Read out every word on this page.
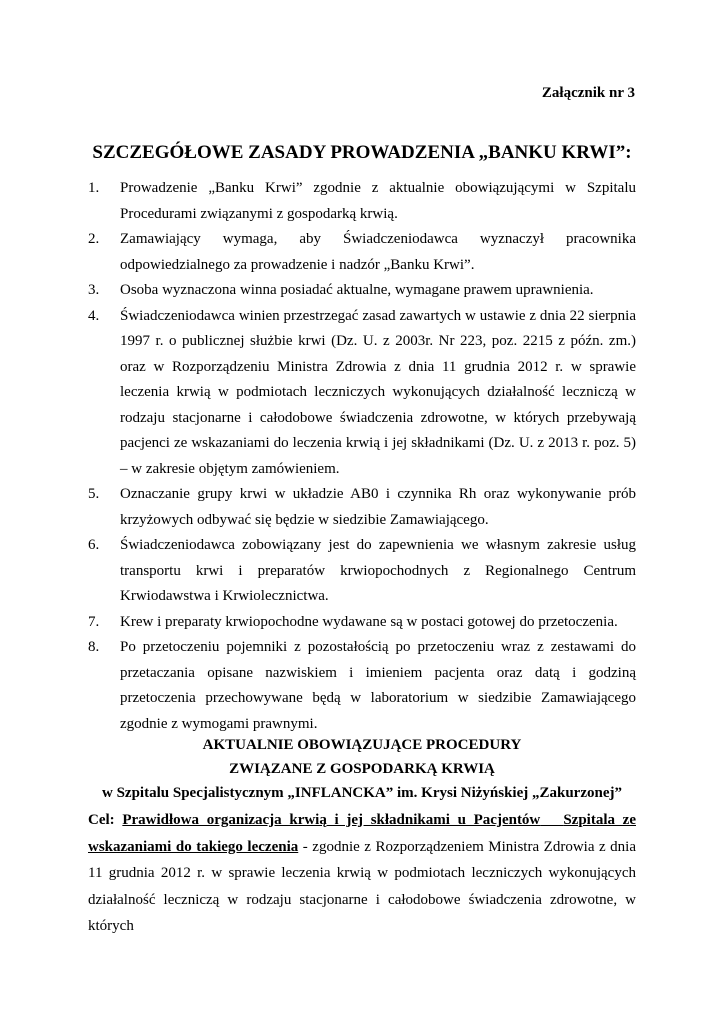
Załącznik nr 3
SZCZEGÓŁOWE ZASADY PROWADZENIA „BANKU KRWI”:
1. Prowadzenie „Banku Krwi” zgodnie z aktualnie obowiązującymi w Szpitalu Procedurami związanymi z gospodarką krwią.
2. Zamawiający wymaga, aby Świadczeniodawca wyznaczył pracownika odpowiedzialnego za prowadzenie i nadzór „Banku Krwi”.
3. Osoba wyznaczona winna posiadać aktualne, wymagane prawem uprawnienia.
4. Świadczeniodawca winien przestrzegać zasad zawartych w ustawie z dnia 22 sierpnia 1997 r. o publicznej służbie krwi (Dz. U. z 2003r. Nr 223, poz. 2215 z późn. zm.) oraz w Rozporządzeniu Ministra Zdrowia z dnia 11 grudnia 2012 r. w sprawie leczenia krwią w podmiotach leczniczych wykonujących działalność leczniczą w rodzaju stacjonarne i całodobowe świadczenia zdrowotne, w których przebywają pacjenci ze wskazaniami do leczenia krwią i jej składnikami (Dz. U. z 2013 r. poz. 5) – w zakresie objętym zamówieniem.
5. Oznaczanie grupy krwi w układzie AB0 i czynnika Rh oraz wykonywanie prób krzyżowych odbywać się będzie w siedzibie Zamawiającego.
6. Świadczeniodawca zobowiązany jest do zapewnienia we własnym zakresie usług transportu krwi i preparatów krwiopochodnych z Regionalnego Centrum Krwiodawstwa i Krwiolecznictwa.
7. Krew i preparaty krwiopochodne wydawane są w postaci gotowej do przetoczenia.
8. Po przetoczeniu pojemniki z pozostałością po przetoczeniu wraz z zestawami do przetaczania opisane nazwiskiem i imieniem pacjenta oraz datą i godziną przetoczenia przechowywane będą w laboratorium w siedzibie Zamawiającego zgodnie z wymogami prawnymi.
AKTUALNIE OBOWIĄZUJĄCE PROCEDURY
ZWIĄZANE Z GOSPODARKĄ KRWIĄ
w Szpitalu Specjalistycznym „INFLANCKA” im. Krysi Niżyńskiej „Zakurzonej”
Cel: Prawidłowa organizacja krwią i jej składnikami u Pacjentów Szpitala ze wskazaniami do takiego leczenia - zgodnie z Rozporządzeniem Ministra Zdrowia z dnia 11 grudnia 2012 r. w sprawie leczenia krwią w podmiotach leczniczych wykonujących działalność leczniczą w rodzaju stacjonarne i całodobowe świadczenia zdrowotne, w których
